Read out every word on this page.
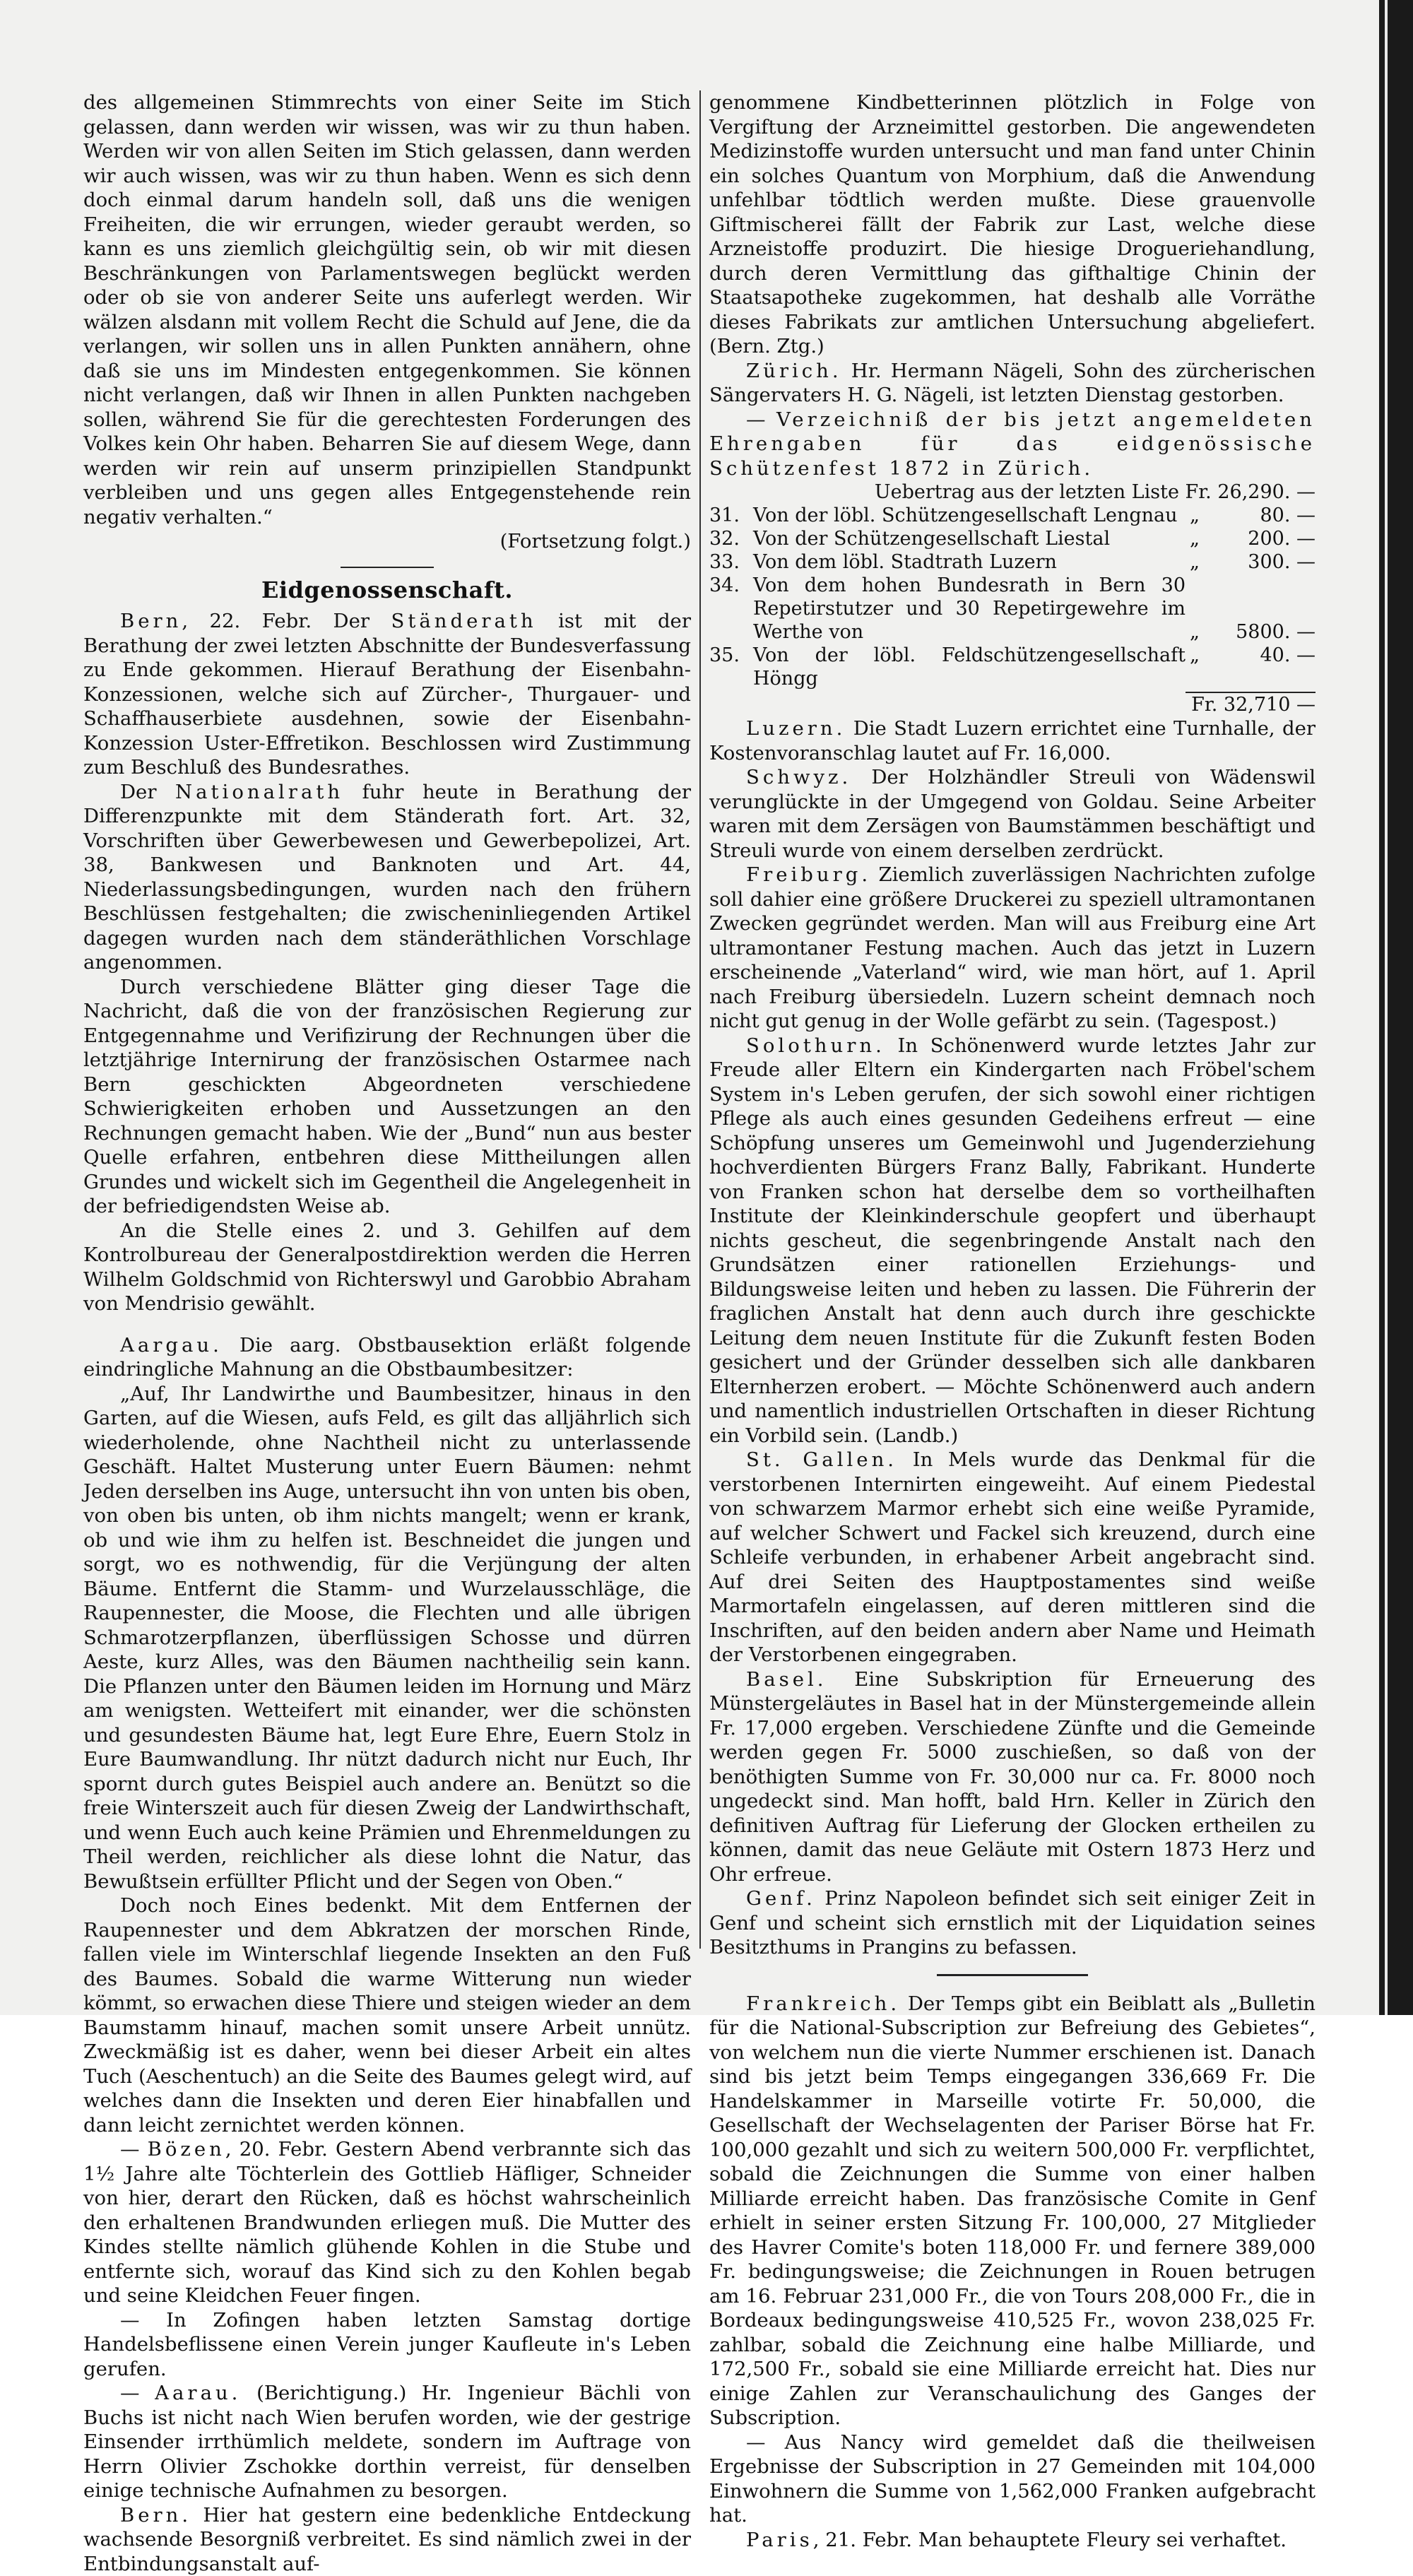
des allgemeinen Stimmrechts von einer Seite im Stich gelassen, dann werden wir wissen, was wir zu thun haben. Werden wir von allen Seiten im Stich gelassen, dann werden wir auch wissen, was wir zu thun haben. Wenn es sich denn doch einmal darum handeln soll, daß uns die wenigen Freiheiten, die wir errungen, wieder geraubt werden, so kann es uns ziemlich gleichgültig sein, ob wir mit diesen Beschränkungen von Parlamentswegen beglückt werden oder ob sie von anderer Seite uns auferlegt werden. Wir wälzen alsdann mit vollem Recht die Schuld auf Jene, die da verlangen, wir sollen uns in allen Punkten annähern, ohne daß sie uns im Mindesten entgegenkommen. Sie können nicht verlangen, daß wir Ihnen in allen Punkten nachgeben sollen, während Sie für die gerechtesten Forderungen des Volkes kein Ohr haben. Beharren Sie auf diesem Wege, dann werden wir rein auf unserm prinzipiellen Standpunkt verbleiben und uns gegen alles Entgegenstehende rein negativ verhalten.“

(Fortsetzung folgt.)

Eidgenossenschaft.

Bern, 22. Febr. Der Ständerath ist mit der Berathung der zwei letzten Abschnitte der Bundesverfassung zu Ende gekommen. Hierauf Berathung der Eisenbahn-Konzessionen, welche sich auf Zürcher-, Thurgauer- und Schaffhauserbiete ausdehnen, sowie der Eisenbahn-Konzession Uster-Effretikon. Beschlossen wird Zustimmung zum Beschluß des Bundesrathes.

Der Nationalrath fuhr heute in Berathung der Differenzpunkte mit dem Ständerath fort. Art. 32, Vorschriften über Gewerbewesen und Gewerbepolizei, Art. 38, Bankwesen und Banknoten und Art. 44, Niederlassungsbedingungen, wurden nach den frühern Beschlüssen festgehalten; die zwischeninliegenden Artikel dagegen wurden nach dem ständeräthlichen Vorschlage angenommen.

Durch verschiedene Blätter ging dieser Tage die Nachricht, daß die von der französischen Regierung zur Entgegennahme und Verifizirung der Rechnungen über die letztjährige Internirung der französischen Ostarmee nach Bern geschickten Abgeordneten verschiedene Schwierigkeiten erhoben und Aussetzungen an den Rechnungen gemacht haben. Wie der „Bund“ nun aus bester Quelle erfahren, entbehren diese Mittheilungen allen Grundes und wickelt sich im Gegentheil die Angelegenheit in der befriedigendsten Weise ab.

An die Stelle eines 2. und 3. Gehilfen auf dem Kontrolbureau der Generalpostdirektion werden die Herren Wilhelm Goldschmid von Richterswyl und Garobbio Abraham von Mendrisio gewählt.

Aargau. Die aarg. Obstbausektion erläßt folgende eindringliche Mahnung an die Obstbaumbesitzer:

„Auf, Ihr Landwirthe und Baumbesitzer, hinaus in den Garten, auf die Wiesen, aufs Feld, es gilt das alljährlich sich wiederholende, ohne Nachtheil nicht zu unterlassende Geschäft. Haltet Musterung unter Euern Bäumen: nehmt Jeden derselben ins Auge, untersucht ihn von unten bis oben, von oben bis unten, ob ihm nichts mangelt; wenn er krank, ob und wie ihm zu helfen ist. Beschneidet die jungen und sorgt, wo es nothwendig, für die Verjüngung der alten Bäume. Entfernt die Stamm- und Wurzelausschläge, die Raupennester, die Moose, die Flechten und alle übrigen Schmarotzerpflanzen, überflüssigen Schosse und dürren Aeste, kurz Alles, was den Bäumen nachtheilig sein kann. Die Pflanzen unter den Bäumen leiden im Hornung und März am wenigsten. Wetteifert mit einander, wer die schönsten und gesundesten Bäume hat, legt Eure Ehre, Euern Stolz in Eure Baumwandlung. Ihr nützt dadurch nicht nur Euch, Ihr spornt durch gutes Beispiel auch andere an. Benützt so die freie Winterszeit auch für diesen Zweig der Landwirthschaft, und wenn Euch auch keine Prämien und Ehrenmeldungen zu Theil werden, reichlicher als diese lohnt die Natur, das Bewußtsein erfüllter Pflicht und der Segen von Oben.“

Doch noch Eines bedenkt. Mit dem Entfernen der Raupennester und dem Abkratzen der morschen Rinde, fallen viele im Winterschlaf liegende Insekten an den Fuß des Baumes. Sobald die warme Witterung nun wieder kömmt, so erwachen diese Thiere und steigen wieder an dem Baumstamm hinauf, machen somit unsere Arbeit unnütz. Zweckmäßig ist es daher, wenn bei dieser Arbeit ein altes Tuch (Aeschentuch) an die Seite des Baumes gelegt wird, auf welches dann die Insekten und deren Eier hinabfallen und dann leicht zernichtet werden können.

— Bözen, 20. Febr. Gestern Abend verbrannte sich das 1½ Jahre alte Töchterlein des Gottlieb Häfliger, Schneider von hier, derart den Rücken, daß es höchst wahrscheinlich den erhaltenen Brandwunden erliegen muß. Die Mutter des Kindes stellte nämlich glühende Kohlen in die Stube und entfernte sich, worauf das Kind sich zu den Kohlen begab und seine Kleidchen Feuer fingen.

— In Zofingen haben letzten Samstag dortige Handelsbeflissene einen Verein junger Kaufleute in's Leben gerufen.

— Aarau. (Berichtigung.) Hr. Ingenieur Bächli von Buchs ist nicht nach Wien berufen worden, wie der gestrige Einsender irrthümlich meldete, sondern im Auftrage von Herrn Olivier Zschokke dorthin verreist, für denselben einige technische Aufnahmen zu besorgen.

Bern. Hier hat gestern eine bedenkliche Entdeckung wachsende Besorgniß verbreitet. Es sind nämlich zwei in der Entbindungsanstalt auf-

genommene Kindbetterinnen plötzlich in Folge von Vergiftung der Arzneimittel gestorben. Die angewendeten Medizinstoffe wurden untersucht und man fand unter Chinin ein solches Quantum von Morphium, daß die Anwendung unfehlbar tödtlich werden mußte. Diese grauenvolle Giftmischerei fällt der Fabrik zur Last, welche diese Arzneistoffe produzirt. Die hiesige Drogueriehandlung, durch deren Vermittlung das gifthaltige Chinin der Staatsapotheke zugekommen, hat deshalb alle Vorräthe dieses Fabrikats zur amtlichen Untersuchung abgeliefert. (Bern. Ztg.)

Zürich. Hr. Hermann Nägeli, Sohn des zürcherischen Sängervaters H. G. Nägeli, ist letzten Dienstag gestorben.

— Verzeichniß der bis jetzt angemeldeten Ehrengaben für das eidgenössische Schützenfest 1872 in Zürich.

Uebertrag aus der letzten Liste Fr. 26,290. —			
31.	Von der löbl. Schützengesellschaft Lengnau	„	80. —
32.	Von der Schützengesellschaft Liestal	„	200. —
33.	Von dem löbl. Stadtrath Luzern	„	300. —
34.	Von dem hohen Bundesrath in Bern 30 Repetirstutzer und 30 Repetirgewehre im Werthe von	„	5800. —
35.	Von der löbl. Feldschützengesellschaft Höngg	„	40. —
Fr. 32,710 —			

Luzern. Die Stadt Luzern errichtet eine Turnhalle, der Kostenvoranschlag lautet auf Fr. 16,000.

Schwyz. Der Holzhändler Streuli von Wädenswil verunglückte in der Umgegend von Goldau. Seine Arbeiter waren mit dem Zersägen von Baumstämmen beschäftigt und Streuli wurde von einem derselben zerdrückt.

Freiburg. Ziemlich zuverlässigen Nachrichten zufolge soll dahier eine größere Druckerei zu speziell ultramontanen Zwecken gegründet werden. Man will aus Freiburg eine Art ultramontaner Festung machen. Auch das jetzt in Luzern erscheinende „Vaterland“ wird, wie man hört, auf 1. April nach Freiburg übersiedeln. Luzern scheint demnach noch nicht gut genug in der Wolle gefärbt zu sein. (Tagespost.)

Solothurn. In Schönenwerd wurde letztes Jahr zur Freude aller Eltern ein Kindergarten nach Fröbel'schem System in's Leben gerufen, der sich sowohl einer richtigen Pflege als auch eines gesunden Gedeihens erfreut — eine Schöpfung unseres um Gemeinwohl und Jugenderziehung hochverdienten Bürgers Franz Bally, Fabrikant. Hunderte von Franken schon hat derselbe dem so vortheilhaften Institute der Kleinkinderschule geopfert und überhaupt nichts gescheut, die segenbringende Anstalt nach den Grundsätzen einer rationellen Erziehungs- und Bildungsweise leiten und heben zu lassen. Die Führerin der fraglichen Anstalt hat denn auch durch ihre geschickte Leitung dem neuen Institute für die Zukunft festen Boden gesichert und der Gründer desselben sich alle dankbaren Elternherzen erobert. — Möchte Schönenwerd auch andern und namentlich industriellen Ortschaften in dieser Richtung ein Vorbild sein. (Landb.)

St. Gallen. In Mels wurde das Denkmal für die verstorbenen Internirten eingeweiht. Auf einem Piedestal von schwarzem Marmor erhebt sich eine weiße Pyramide, auf welcher Schwert und Fackel sich kreuzend, durch eine Schleife verbunden, in erhabener Arbeit angebracht sind. Auf drei Seiten des Hauptpostamentes sind weiße Marmortafeln eingelassen, auf deren mittleren sind die Inschriften, auf den beiden andern aber Name und Heimath der Verstorbenen eingegraben.

Basel. Eine Subskription für Erneuerung des Münstergeläutes in Basel hat in der Münstergemeinde allein Fr. 17,000 ergeben. Verschiedene Zünfte und die Gemeinde werden gegen Fr. 5000 zuschießen, so daß von der benöthigten Summe von Fr. 30,000 nur ca. Fr. 8000 noch ungedeckt sind. Man hofft, bald Hrn. Keller in Zürich den definitiven Auftrag für Lieferung der Glocken ertheilen zu können, damit das neue Geläute mit Ostern 1873 Herz und Ohr erfreue.

Genf. Prinz Napoleon befindet sich seit einiger Zeit in Genf und scheint sich ernstlich mit der Liquidation seines Besitzthums in Prangins zu befassen.

Frankreich. Der Temps gibt ein Beiblatt als „Bulletin für die National-Subscription zur Befreiung des Gebietes“, von welchem nun die vierte Nummer erschienen ist. Danach sind bis jetzt beim Temps eingegangen 336,669 Fr. Die Handelskammer in Marseille votirte Fr. 50,000, die Gesellschaft der Wechselagenten der Pariser Börse hat Fr. 100,000 gezahlt und sich zu weitern 500,000 Fr. verpflichtet, sobald die Zeichnungen die Summe von einer halben Milliarde erreicht haben. Das französische Comite in Genf erhielt in seiner ersten Sitzung Fr. 100,000, 27 Mitglieder des Havrer Comite's boten 118,000 Fr. und fernere 389,000 Fr. bedingungsweise; die Zeichnungen in Rouen betrugen am 16. Februar 231,000 Fr., die von Tours 208,000 Fr., die in Bordeaux bedingungsweise 410,525 Fr., wovon 238,025 Fr. zahlbar, sobald die Zeichnung eine halbe Milliarde, und 172,500 Fr., sobald sie eine Milliarde erreicht hat. Dies nur einige Zahlen zur Veranschaulichung des Ganges der Subscription.

— Aus Nancy wird gemeldet daß die theilweisen Ergebnisse der Subscription in 27 Gemeinden mit 104,000 Einwohnern die Summe von 1,562,000 Franken aufgebracht hat.

Paris, 21. Febr. Man behauptete Fleury sei verhaftet.
